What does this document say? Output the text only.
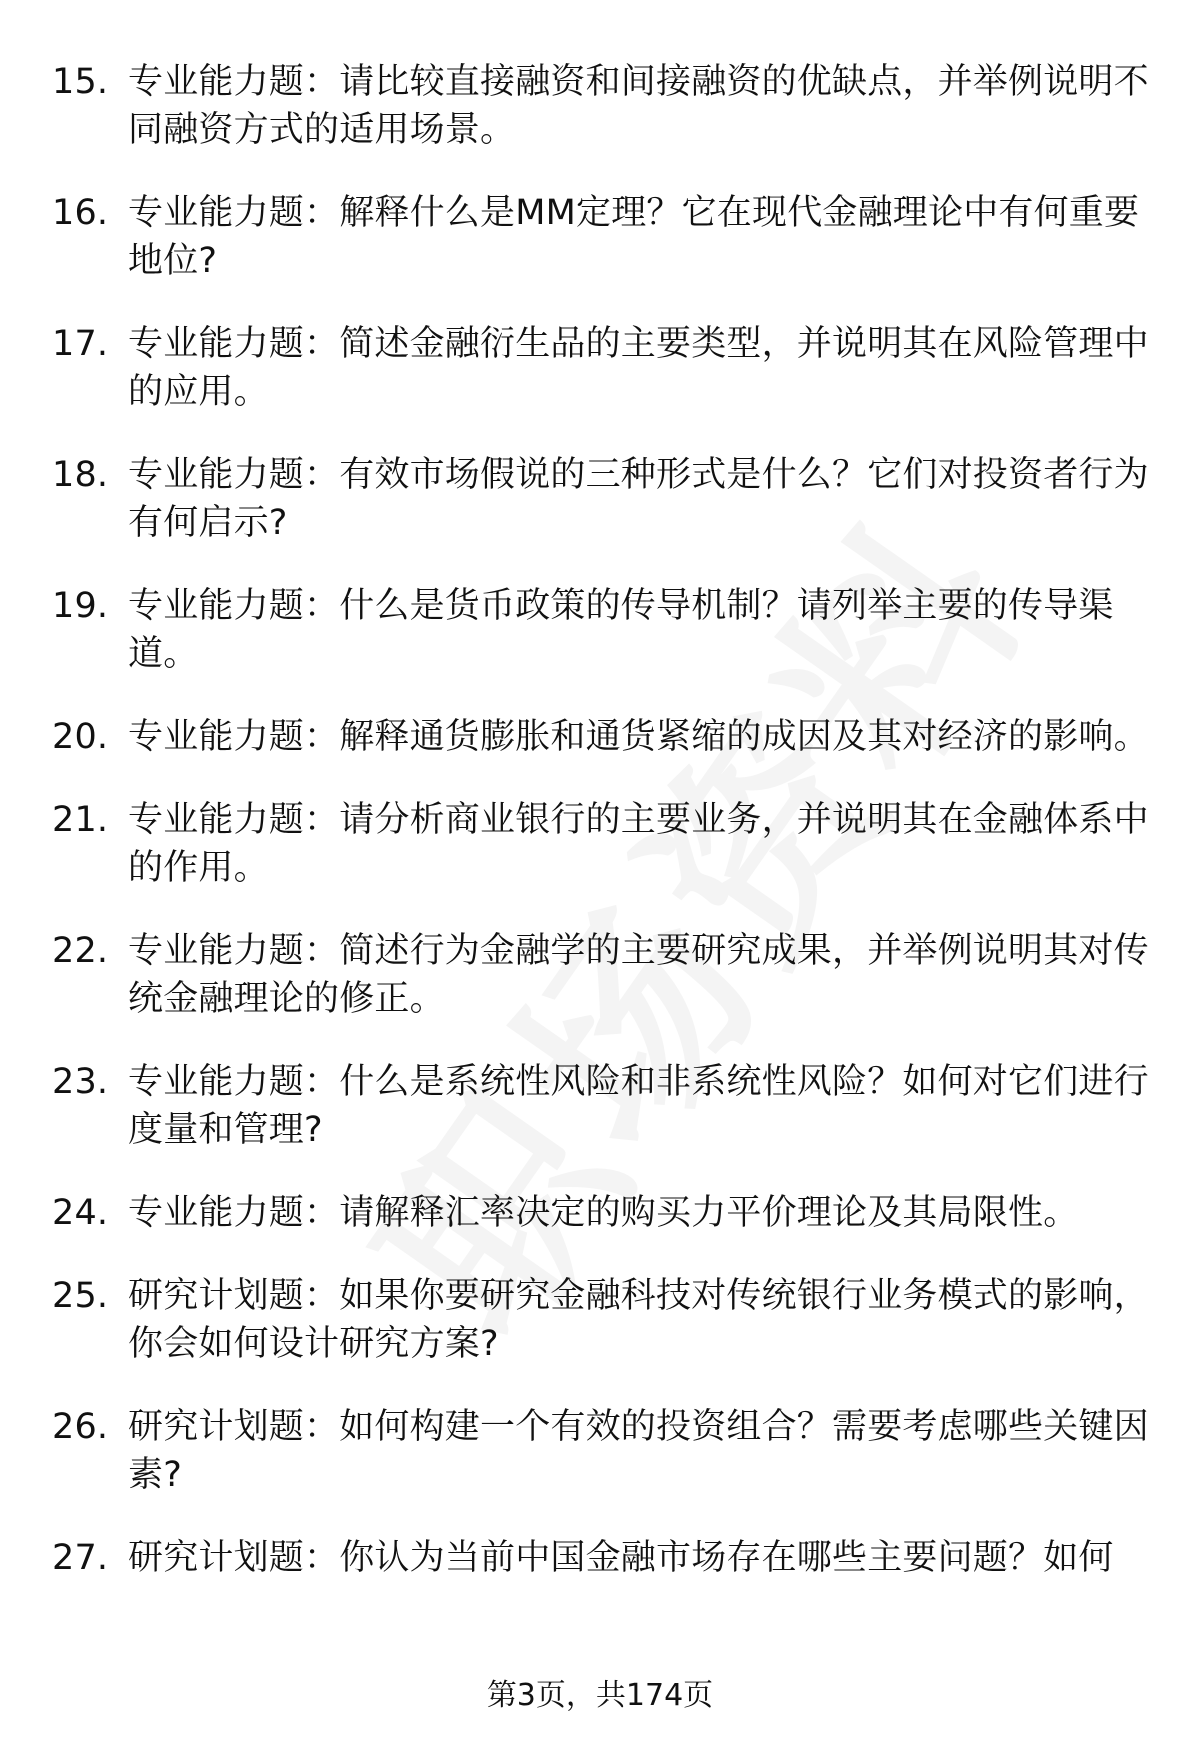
15. 专业能力题：请比较直接融资和间接融资的优缺点，并举例说明不同融资方式的适用场景。
16. 专业能力题：解释什么是MM定理？它在现代金融理论中有何重要地位?
17. 专业能力题：简述金融衍生品的主要类型，并说明其在风险管理中的应用。
18. 专业能力题：有效市场假说的三种形式是什么？它们对投资者行为有何启示?
19. 专业能力题：什么是货币政策的传导机制？请列举主要的传导渠道。
20. 专业能力题：解释通货膨胀和通货紧缩的成因及其对经济的影响。
21. 专业能力题：请分析商业银行的主要业务，并说明其在金融体系中的作用。
22. 专业能力题：简述行为金融学的主要研究成果，并举例说明其对传统金融理论的修正。
23. 专业能力题：什么是系统性风险和非系统性风险？如何对它们进行度量和管理?
24. 专业能力题：请解释汇率决定的购买力平价理论及其局限性。
25. 研究计划题：如果你要研究金融科技对传统银行业务模式的影响，你会如何设计研究方案?
26. 研究计划题：如何构建一个有效的投资组合？需要考虑哪些关键因素?
27. 研究计划题：你认为当前中国金融市场存在哪些主要问题？如何
第3页，共174页
